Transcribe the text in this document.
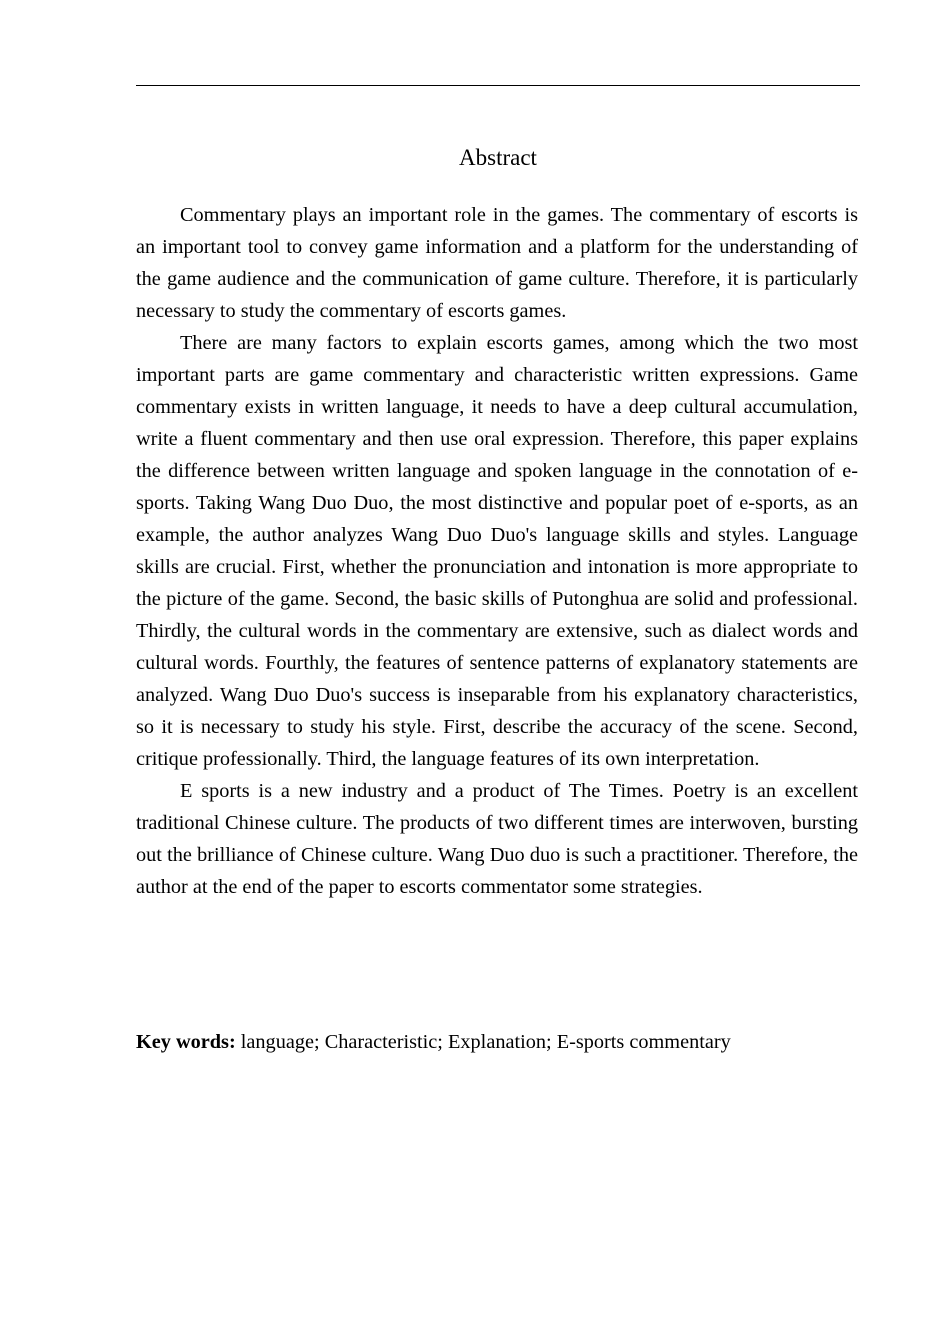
Abstract

Commentary plays an important role in the games. The commentary of escorts is an important tool to convey game information and a platform for the understanding of the game audience and the communication of game culture. Therefore, it is particularly necessary to study the commentary of escorts games.

There are many factors to explain escorts games, among which the two most important parts are game commentary and characteristic written expressions. Game commentary exists in written language, it needs to have a deep cultural accumulation, write a fluent commentary and then use oral expression. Therefore, this paper explains the difference between written language and spoken language in the connotation of e-sports. Taking Wang Duo Duo, the most distinctive and popular poet of e-sports, as an example, the author analyzes Wang Duo Duo's language skills and styles. Language skills are crucial. First, whether the pronunciation and intonation is more appropriate to the picture of the game. Second, the basic skills of Putonghua are solid and professional. Thirdly, the cultural words in the commentary are extensive, such as dialect words and cultural words. Fourthly, the features of sentence patterns of explanatory statements are analyzed. Wang Duo Duo's success is inseparable from his explanatory characteristics, so it is necessary to study his style. First, describe the accuracy of the scene. Second, critique professionally. Third, the language features of its own interpretation.

E sports is a new industry and a product of The Times. Poetry is an excellent traditional Chinese culture. The products of two different times are interwoven, bursting out the brilliance of Chinese culture. Wang Duo duo is such a practitioner. Therefore, the author at the end of the paper to escorts commentator some strategies.

Key words: language; Characteristic; Explanation; E-sports commentary
